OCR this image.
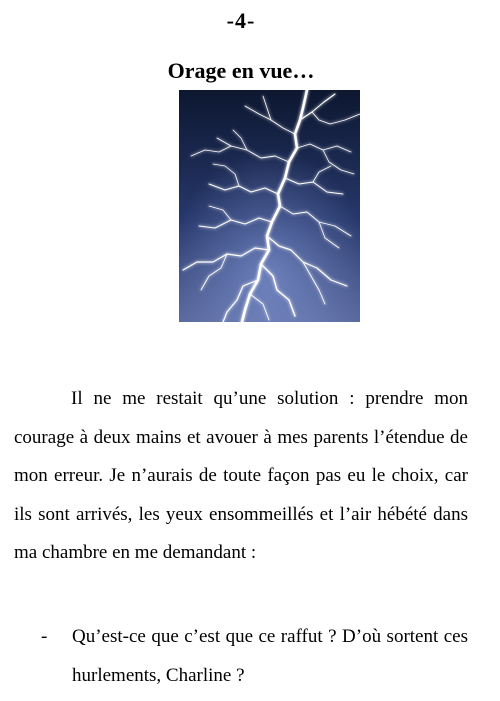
-4-
Orage en vue…

Il ne me restait qu’une solution : prendre mon courage à deux mains et avouer à mes parents l’étendue de mon erreur. Je n’aurais de toute façon pas eu le choix, car ils sont arrivés, les yeux ensommeillés et l’air hébété dans ma chambre en me demandant :

- Qu’est-ce que c’est que ce raffut ? D’où sortent ces hurlements, Charline ?
